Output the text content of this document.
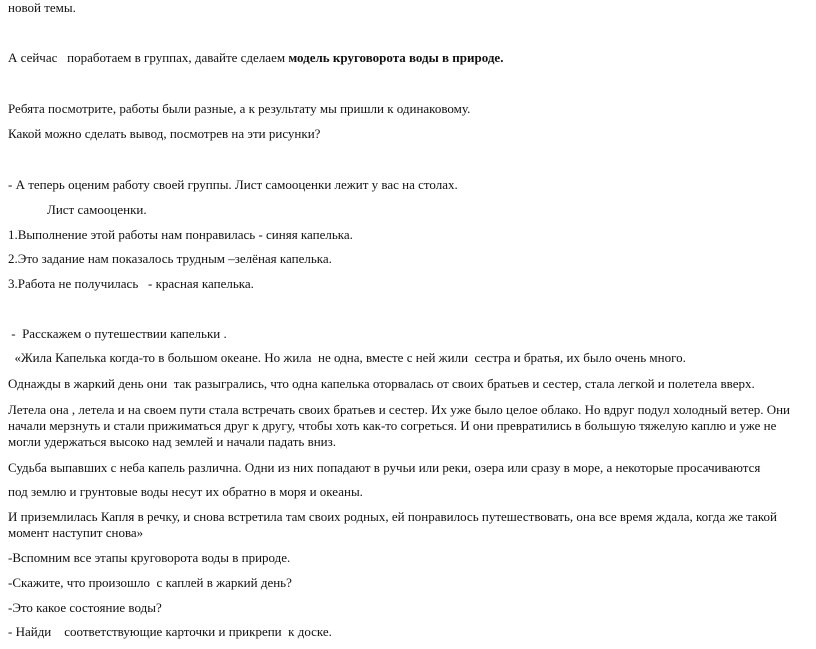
новой темы.
А сейчас   поработаем в группах, давайте сделаем модель круговорота воды в природе.
Ребята посмотрите, работы были разные, а к результату мы пришли к одинаковому.
Какой можно сделать вывод, посмотрев на эти рисунки?
- А теперь оценим работу своей группы. Лист самооценки лежит у вас на столах.
Лист самооценки.
1.Выполнение этой работы нам понравилась - синяя капелька.
2.Это задание нам показалось трудным –зелёная капелька.
3.Работа не получилась   - красная капелька.
-  Расскажем о путешествии капельки .
«Жила Капелька когда-то в большом океане. Но жила  не одна, вместе с ней жили  сестра и братья, их было очень много.
Однажды в жаркий день они  так разыгрались, что одна капелька оторвалась от своих братьев и сестер, стала легкой и полетела вверх.
Летела она , летела и на своем пути стала встречать своих братьев и сестер. Их уже было целое облако. Но вдруг подул холодный ветер. Они начали мерзнуть и стали прижиматься друг к другу, чтобы хоть как-то согреться. И они превратились в большую тяжелую каплю и уже не могли удержаться высоко над землей и начали падать вниз.
Судьба выпавших с неба капель различна. Одни из них попадают в ручьи или реки, озера или сразу в море, а некоторые просачиваются
под землю и грунтовые воды несут их обратно в моря и океаны.
И приземлилась Капля в речку, и снова встретила там своих родных, ей понравилось путешествовать, она все время ждала, когда же такой момент наступит снова»
-Вспомним все этапы круговорота воды в природе.
-Скажите, что произошло  с каплей в жаркий день?
-Это какое состояние воды?
- Найди    соответствующие карточки и прикрепи  к доске.
